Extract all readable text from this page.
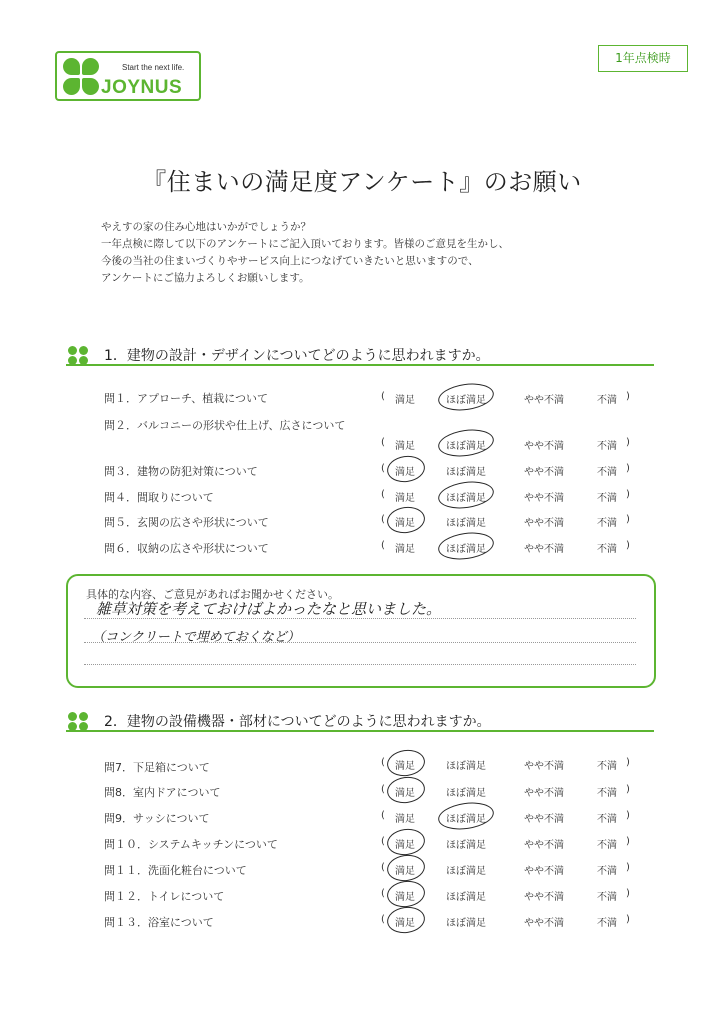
Start the next life.
JOYNUS
1年点検時
『住まいの満足度アンケート』のお願い
やえすの家の住み心地はいかがでしょうか？
一年点検に際して以下のアンケートにご記入頂いております。皆様のご意見を生かし、
今後の当社の住まいづくりやサービス向上につなげていきたいと思いますので、
アンケートにご協力よろしくお願いします。
1．建物の設計・デザインについてどのように思われますか。
問１．アプローチ、植栽について	( 満足	ほぼ満足	やや不満	不満 )
問２．バルコニーの形状や仕上げ、広さについて
( 満足	ほぼ満足	やや不満	不満 )
問３．建物の防犯対策について	( 満足	ほぼ満足	やや不満	不満 )
問４．間取りについて	( 満足	ほぼ満足	やや不満	不満 )
問５．玄関の広さや形状について	( 満足	ほぼ満足	やや不満	不満 )
問６．収納の広さや形状について	( 満足	ほぼ満足	やや不満	不満 )
具体的な内容、ご意見があればお聞かせください。
雑草対策を考えておけばよかったなと思いました。
（コンクリートで埋めておくなど）
2．建物の設備機器・部材についてどのように思われますか。
問7．下足箱について	( 満足	ほぼ満足	やや不満	不満 )
問8．室内ドアについて	( 満足	ほぼ満足	やや不満	不満 )
問9．サッシについて	( 満足	ほぼ満足	やや不満	不満 )
問１０．システムキッチンについて	( 満足	ほぼ満足	やや不満	不満 )
問１１．洗面化粧台について	( 満足	ほぼ満足	やや不満	不満 )
問１２．トイレについて	( 満足	ほぼ満足	やや不満	不満 )
問１３．浴室について	( 満足	ほぼ満足	やや不満	不満 )
